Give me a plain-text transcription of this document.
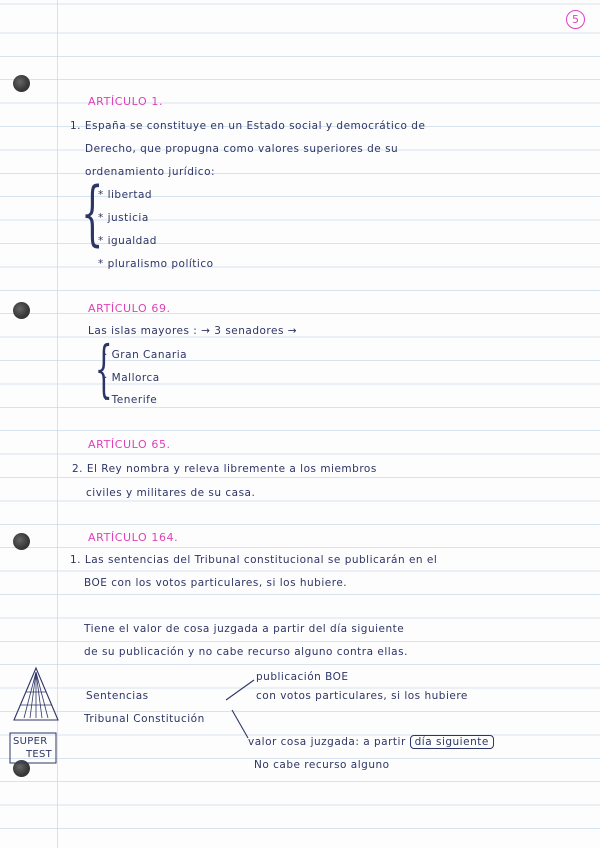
5
ARTÍCULO 1.
1. España se constituye en un Estado social y democrático de
Derecho, que propugna como valores superiores de su
ordenamiento jurídico:
{
* libertad
* justicia
* igualdad
* pluralismo político
ARTÍCULO 69.
Las islas mayores : → 3 senadores →
{
· Gran Canaria
· Mallorca
· Tenerife
ARTÍCULO 65.
2. El Rey nombra y releva libremente a los miembros
civiles y militares de su casa.
ARTÍCULO 164.
1. Las sentencias del Tribunal constitucional se publicarán en el
BOE con los votos particulares, si los hubiere.
Tiene el valor de cosa juzgada a partir del día siguiente
de su publicación y no cabe recurso alguno contra ellas.
Sentencias
Tribunal Constitución
publicación BOE
con votos particulares, si los hubiere
valor cosa juzgada: a partir día siguiente
No cabe recurso alguno
SUPER
TEST
